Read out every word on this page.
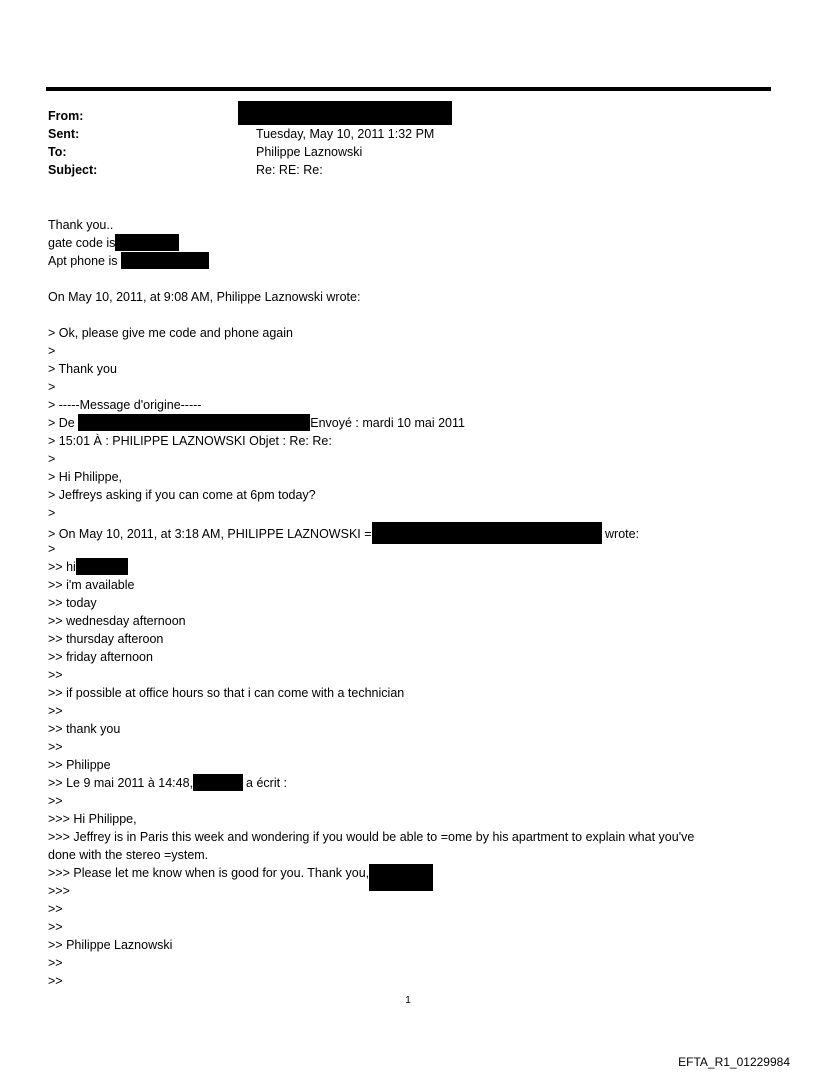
From:
Sent:	Tuesday, May 10, 2011 1:32 PM
To:	Philippe Laznowski
Subject:	Re: RE: Re:
Thank you..
gate code is
Apt phone is
On May 10, 2011, at 9:08 AM, Philippe Laznowski wrote:
> Ok, please give me code and phone again
>
> Thank you
>
> -----Message d'origine-----
> De	Envoyé : mardi 10 mai 2011
> 15:01 À : PHILIPPE LAZNOWSKI Objet : Re: Re:
>
> Hi Philippe,
> Jeffreys asking if you can come at 6pm today?
>
> On May 10, 2011, at 3:18 AM, PHILIPPE LAZNOWSKI =	wrote:
>
>> hi
>> i'm available
>> today
>> wednesday afternoon
>> thursday afteroon
>> friday afternoon
>>
>> if possible at office hours so that i can come with a technician
>>
>> thank you
>>
>> Philippe
>> Le 9 mai 2011 à 14:48,	a écrit :
>>
>>> Hi Philippe,
>>> Jeffrey is in Paris this week and wondering if you would be able to =ome by his apartment to explain what you've
done with the stereo =ystem.
>>> Please let me know when is good for you. Thank you,
>>>
>>
>>
>> Philippe Laznowski
>>
>>
1
EFTA_R1_01229984
